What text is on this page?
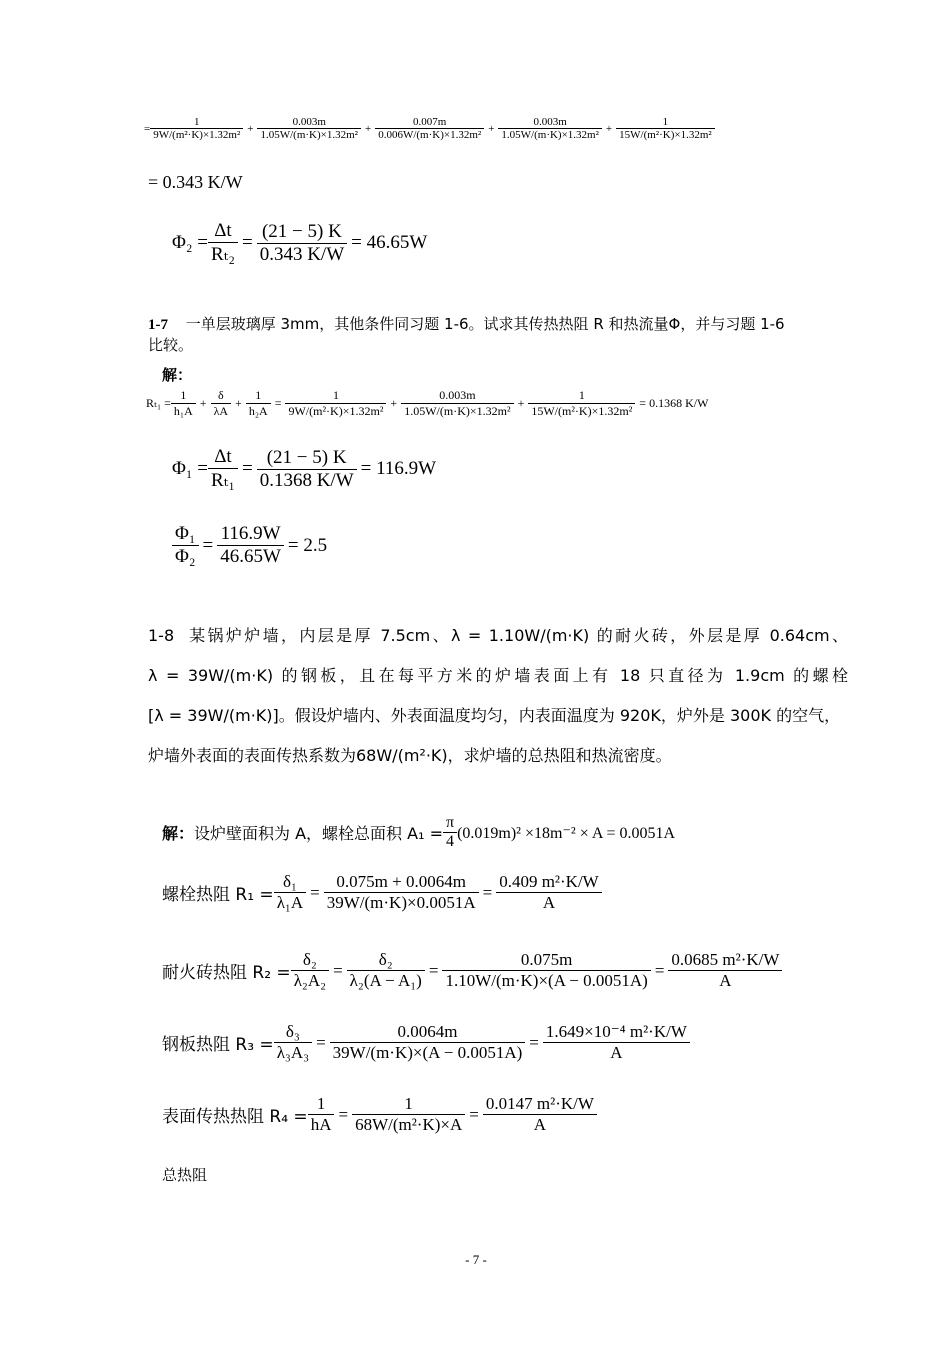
= $\frac{1}{\text{9W/(m²·K)×1.32m²}} + \frac{0.003m}{\text{1.05W/(m·K)×1.32m²}} + \frac{0.007m}{\text{0.006W/(m·K)×1.32m²}} + \frac{0.003m}{\text{1.05W/(m·K)×1.32m²}} + \frac{1}{\text{15W/(m²·K)×1.32m²}}$
= 0.343 K/W
$\Phi_2 = \frac{\Delta t}{\text{Rₜ₂}} = \frac{(21 - 5) K}{0.343 K/W} = 46.65W$
1-7 一单层玻璃厚 3mm，其他条件同习题 1-6。试求其传热热阻 R 和热流量Φ，并与习题 1-6
比较。
解：
$R_{t1} = \frac{1}{\text{h₁A}} + \frac{\delta}{\lambda A} + \frac{1}{\text{h₂A}} = \frac{1}{\text{9W/(m²·K)×1.32m²}} + \frac{0.003m}{\text{1.05W/(m·K)×1.32m²}} + \frac{1}{\text{15W/(m²·K)×1.32m²}} = 0.1368$ K/W
$\Phi_1 = \frac{\Delta t}{\text{Rₜ₁}} = \frac{(21 - 5) K}{0.1368 K/W} = 116.9W$
$\frac{\text{Φ₁}}{\text{Φ₂}} = \frac{116.9W}{46.65W} = 2.5$
1-8 某锅炉炉墙，内层是厚 7.5cm、λ = 1.10W/(m·K) 的耐火砖，外层是厚 0.64cm、
λ = 39W/(m·K) 的钢板，且在每平方米的炉墙表面上有 18 只直径为 1.9cm 的螺栓
[λ = 39W/(m·K)]。假设炉墙内、外表面温度均匀，内表面温度为 920K，炉外是 300K 的空气，
炉墙外表面的表面传热系数为68W/(m²·K)，求炉墙的总热阻和热流密度。
解： 设炉壁面积为 A，螺栓总面积 $A_1 = \frac{\pi}{4} (0.019m)^2 \times 18m^{-2} \times A = 0.0051A$
螺栓热阻 $R_1 = \frac{\text{δ₁}}{\text{λ₁A}} = \frac{0.075m + 0.0064m}{39W/(m\cdot K)\times 0.0051A} = \frac{\text{0.409 m²·K/W}}{A}$
耐火砖热阻 $R_2 = \frac{\text{δ₂}}{\text{λ₂A₂}} = \frac{\text{δ₂}}{\text{λ₂(A − A₁)}} = \frac{0.075m}{1.10W/(m\cdot K)\times(A - 0.0051A)} = \frac{\text{0.0685 m²·K/W}}{A}$
钢板热阻 $R_3 = \frac{\text{δ₃}}{\text{λ₃A₃}} = \frac{0.0064m}{39W/(m\cdot K)\times(A - 0.0051A)} = \frac{\text{1.649×10⁻⁴ m²·K/W}}{A}$
表面传热热阻 $R_4 = \frac{1}{hA} = \frac{1}{\text{68W/(m²·K)×A}} = \frac{\text{0.0147 m²·K/W}}{A}$
总热阻
- 7 -
